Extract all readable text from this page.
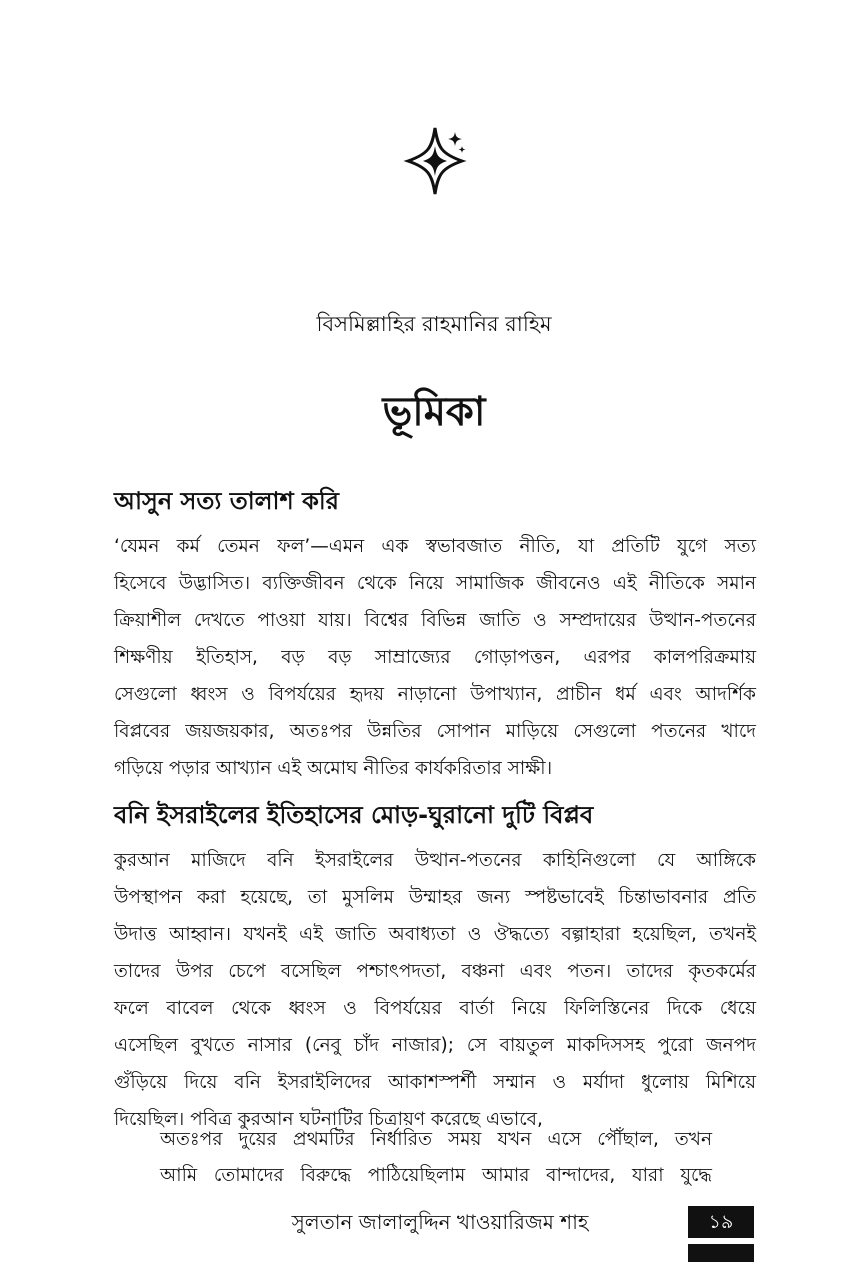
বিসমিল্লাহির রাহমানির রাহিম
ভূমিকা
আসুন সত্য তালাশ করি

‘যেমন কর্ম তেমন ফল’—এমন এক স্বভাবজাত নীতি, যা প্রতিটি যুগে সত্য
হিসেবে উদ্ভাসিত। ব্যক্তিজীবন থেকে নিয়ে সামাজিক জীবনেও এই নীতিকে সমান
ক্রিয়াশীল দেখতে পাওয়া যায়। বিশ্বের বিভিন্ন জাতি ও সম্প্রদায়ের উত্থান-পতনের
শিক্ষণীয় ইতিহাস, বড় বড় সাম্রাজ্যের গোড়াপত্তন, এরপর কালপরিক্রমায়
সেগুলো ধ্বংস ও বিপর্যয়ের হৃদয় নাড়ানো উপাখ্যান, প্রাচীন ধর্ম এবং আদর্শিক
বিপ্লবের জয়জয়কার, অতঃপর উন্নতির সোপান মাড়িয়ে সেগুলো পতনের খাদে
গড়িয়ে পড়ার আখ্যান এই অমোঘ নীতির কার্যকরিতার সাক্ষী।

বনি ইসরাইলের ইতিহাসের মোড়-ঘুরানো দুটি বিপ্লব

কুরআন মাজিদে বনি ইসরাইলের উত্থান-পতনের কাহিনিগুলো যে আঙ্গিকে
উপস্থাপন করা হয়েছে, তা মুসলিম উম্মাহর জন্য স্পষ্টভাবেই চিন্তাভাবনার প্রতি
উদাত্ত আহ্বান। যখনই এই জাতি অবাধ্যতা ও ঔদ্ধত্যে বল্গাহারা হয়েছিল, তখনই
তাদের উপর চেপে বসেছিল পশ্চাৎপদতা, বঞ্চনা এবং পতন। তাদের কৃতকর্মের
ফলে বাবেল থেকে ধ্বংস ও বিপর্যয়ের বার্তা নিয়ে ফিলিস্তিনের দিকে ধেয়ে
এসেছিল বুখতে নাসার (নেবু চাঁদ নাজার); সে বায়তুল মাকদিসসহ পুরো জনপদ
গুঁড়িয়ে দিয়ে বনি ইসরাইলিদের আকাশস্পর্শী সম্মান ও মর্যাদা ধুলোয় মিশিয়ে
দিয়েছিল। পবিত্র কুরআন ঘটনাটির চিত্রায়ণ করেছে এভাবে,

অতঃপর দুয়ের প্রথমটির নির্ধারিত সময় যখন এসে পৌঁছাল, তখন
আমি তোমাদের বিরুদ্ধে পাঠিয়েছিলাম আমার বান্দাদের, যারা যুদ্ধে
সুলতান জালালুদ্দিন খাওয়ারিজম শাহ	১৯
